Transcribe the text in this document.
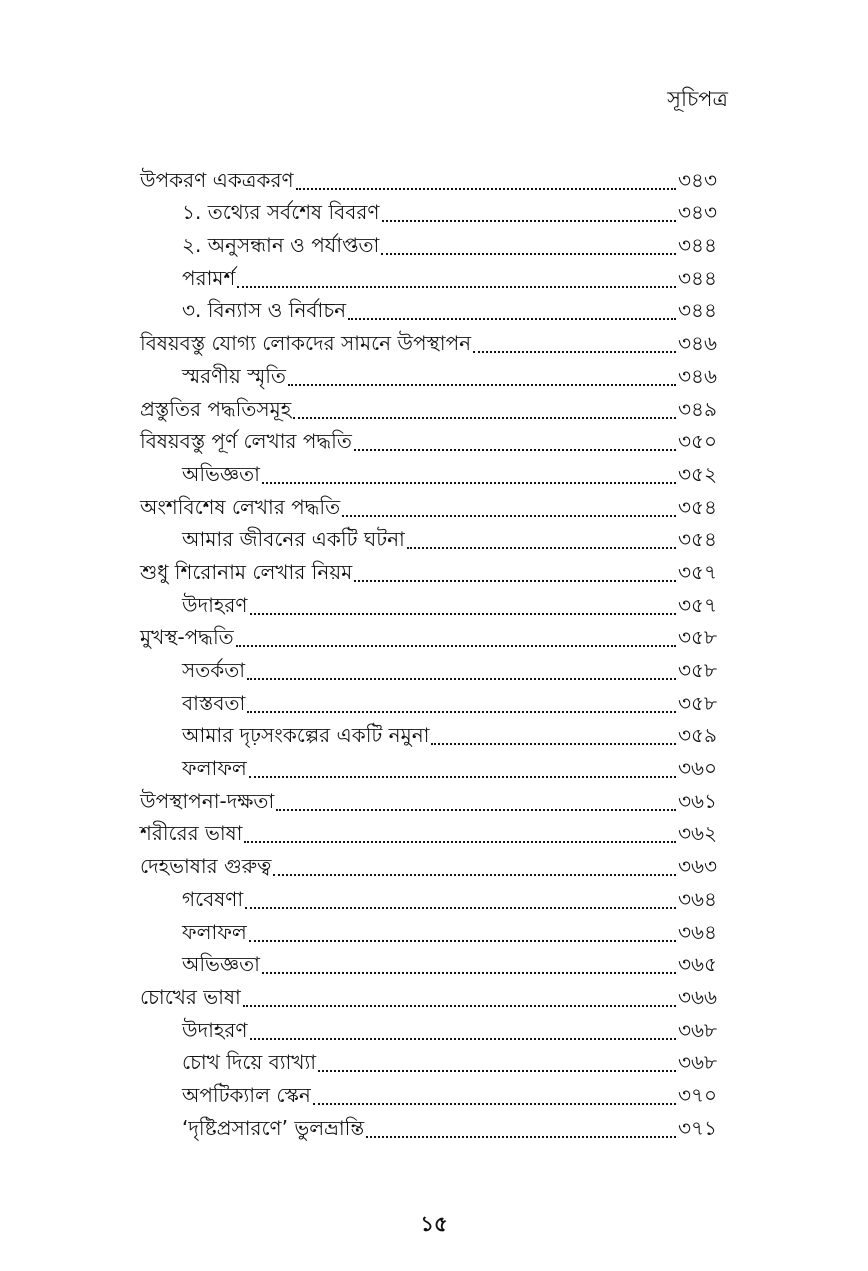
সূচিপত্র
উপকরণ একত্রকরণ	৩৪৩
১. তথ্যের সর্বশেষ বিবরণ	৩৪৩
২. অনুসন্ধান ও পর্যাপ্ততা	৩৪৪
পরামর্শ	৩৪৪
৩. বিন্যাস ও নির্বাচন	৩৪৪
বিষয়বস্তু যোগ্য লোকদের সামনে উপস্থাপন	৩৪৬
স্মরণীয় স্মৃতি	৩৪৬
প্রস্তুতির পদ্ধতিসমূহ	৩৪৯
বিষয়বস্তু পূর্ণ লেখার পদ্ধতি	৩৫০
অভিজ্ঞতা	৩৫২
অংশবিশেষ লেখার পদ্ধতি	৩৫৪
আমার জীবনের একটি ঘটনা	৩৫৪
শুধু শিরোনাম লেখার নিয়ম	৩৫৭
উদাহরণ	৩৫৭
মুখস্থ-পদ্ধতি	৩৫৮
সতর্কতা	৩৫৮
বাস্তবতা	৩৫৮
আমার দৃঢ়সংকল্পের একটি নমুনা	৩৫৯
ফলাফল	৩৬০
উপস্থাপনা-দক্ষতা	৩৬১
শরীরের ভাষা	৩৬২
দেহভাষার গুরুত্ব	৩৬৩
গবেষণা	৩৬৪
ফলাফল	৩৬৪
অভিজ্ঞতা	৩৬৫
চোখের ভাষা	৩৬৬
উদাহরণ	৩৬৮
চোখ দিয়ে ব্যাখ্যা	৩৬৮
অপটিক্যাল স্কেন	৩৭০
‘দৃষ্টিপ্রসারণে’ ভুলভ্রান্তি	৩৭১
১৫
